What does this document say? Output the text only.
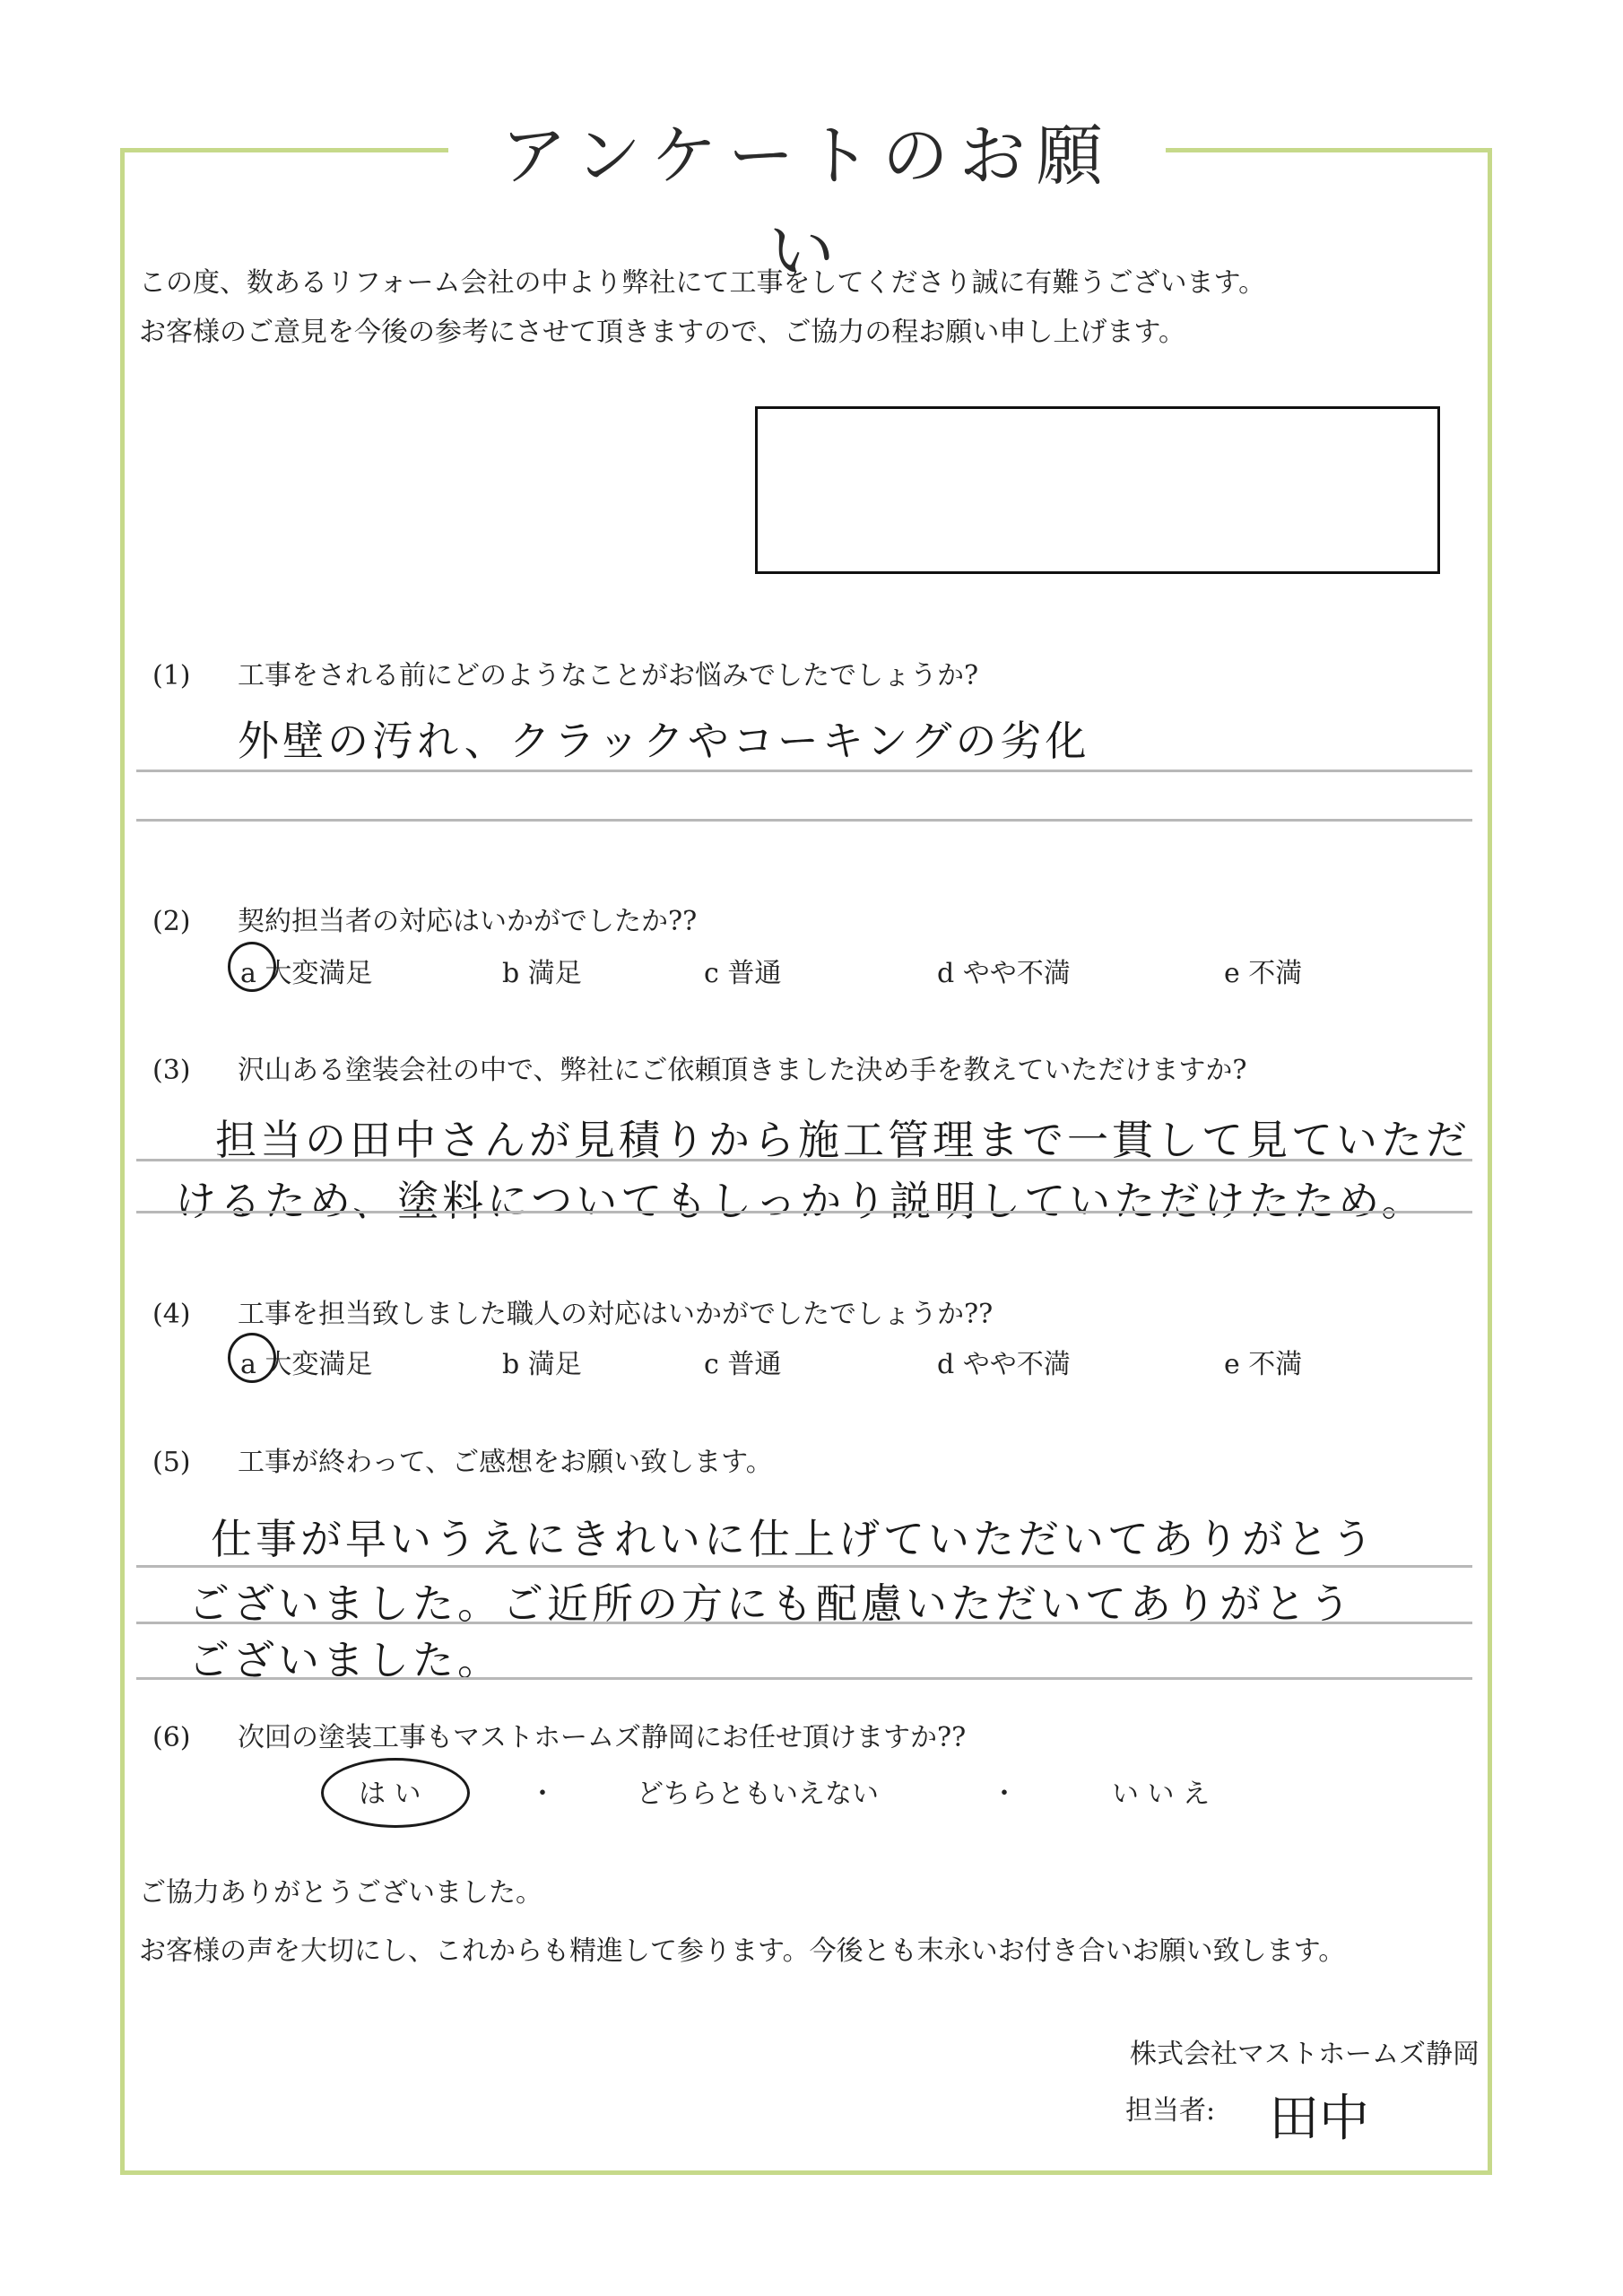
アンケートのお願い
この度、数あるリフォーム会社の中より弊社にて工事をしてくださり誠に有難うございます。
お客様のご意見を今後の参考にさせて頂きますので、ご協力の程お願い申し上げます。
(1) 工事をされる前にどのようなことがお悩みでしたでしょうか?
外壁の汚れ、クラックやコーキングの劣化
(2) 契約担当者の対応はいかがでしたか??
a 大変満足	b 満足	c 普通	d やや不満	e 不満
(3) 沢山ある塗装会社の中で、弊社にご依頼頂きました決め手を教えていただけますか?
担当の田中さんが見積りから施工管理まで一貫して見ていただ
けるため、塗料についてもしっかり説明していただけたため。
(4) 工事を担当致しました職人の対応はいかがでしたでしょうか??
a 大変満足	b 満足	c 普通	d やや不満	e 不満
(5) 工事が終わって、ご感想をお願い致します。
仕事が早いうえにきれいに仕上げていただいてありがとう
ございました。ご近所の方にも配慮いただいてありがとう
ございました。
(6) 次回の塗装工事もマストホームズ静岡にお任せ頂けますか??
は い	・	どちらともいえない	・	い い え
ご協力ありがとうございました。
お客様の声を大切にし、これからも精進して参ります。今後とも末永いお付き合いお願い致します。
株式会社マストホームズ静岡
担当者: 田中
